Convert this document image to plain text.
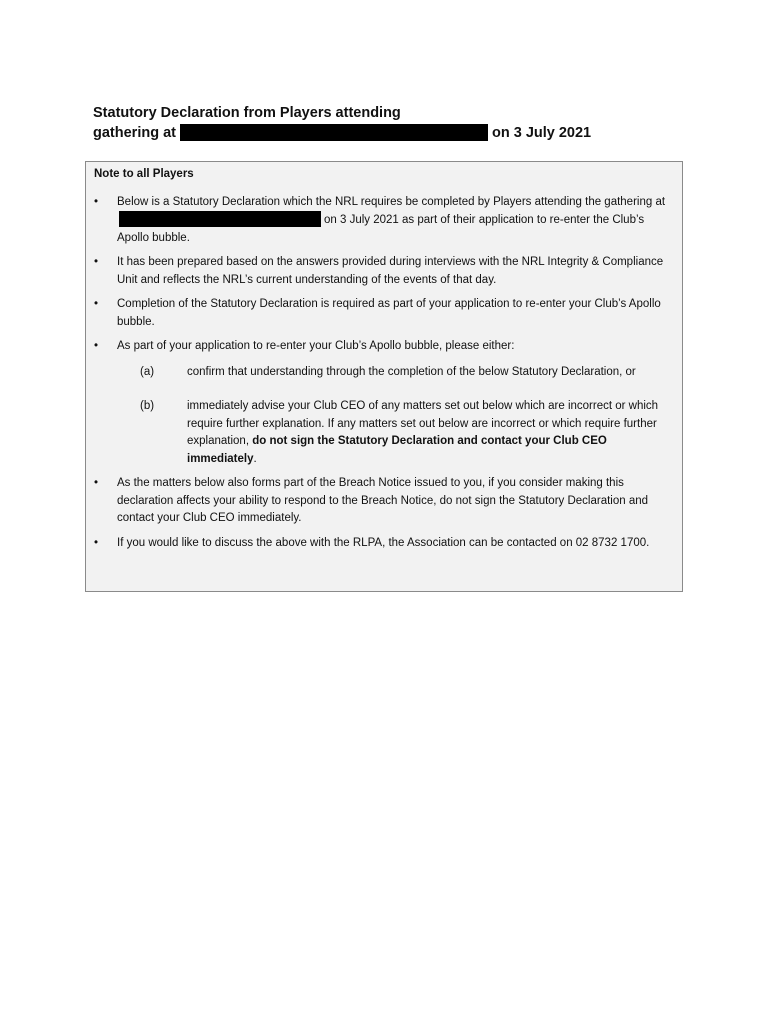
Statutory Declaration from Players attending
gathering at	on 3 July 2021
Note to all Players
• Below is a Statutory Declaration which the NRL requires be completed by Players attending the gathering aton 3 July 2021 as part of their application to re-enter the Club’s Apollo bubble.
• It has been prepared based on the answers provided during interviews with the NRL Integrity & Compliance Unit and reflects the NRL’s current understanding of the events of that day.
• Completion of the Statutory Declaration is required as part of your application to re-enter your Club’s Apollo bubble.
• As part of your application to re-enter your Club’s Apollo bubble, please either:
(a)	confirm that understanding through the completion of the below Statutory Declaration, or
(b)	immediately advise your Club CEO of any matters set out below which are incorrect or which require further explanation. If any matters set out below are incorrect or which require further explanation, do not sign the Statutory Declaration and contact your Club CEO immediately.
• As the matters below also forms part of the Breach Notice issued to you, if you consider making this declaration affects your ability to respond to the Breach Notice, do not sign the Statutory Declaration and contact your Club CEO immediately.
• If you would like to discuss the above with the RLPA, the Association can be contacted on 02 8732 1700.
